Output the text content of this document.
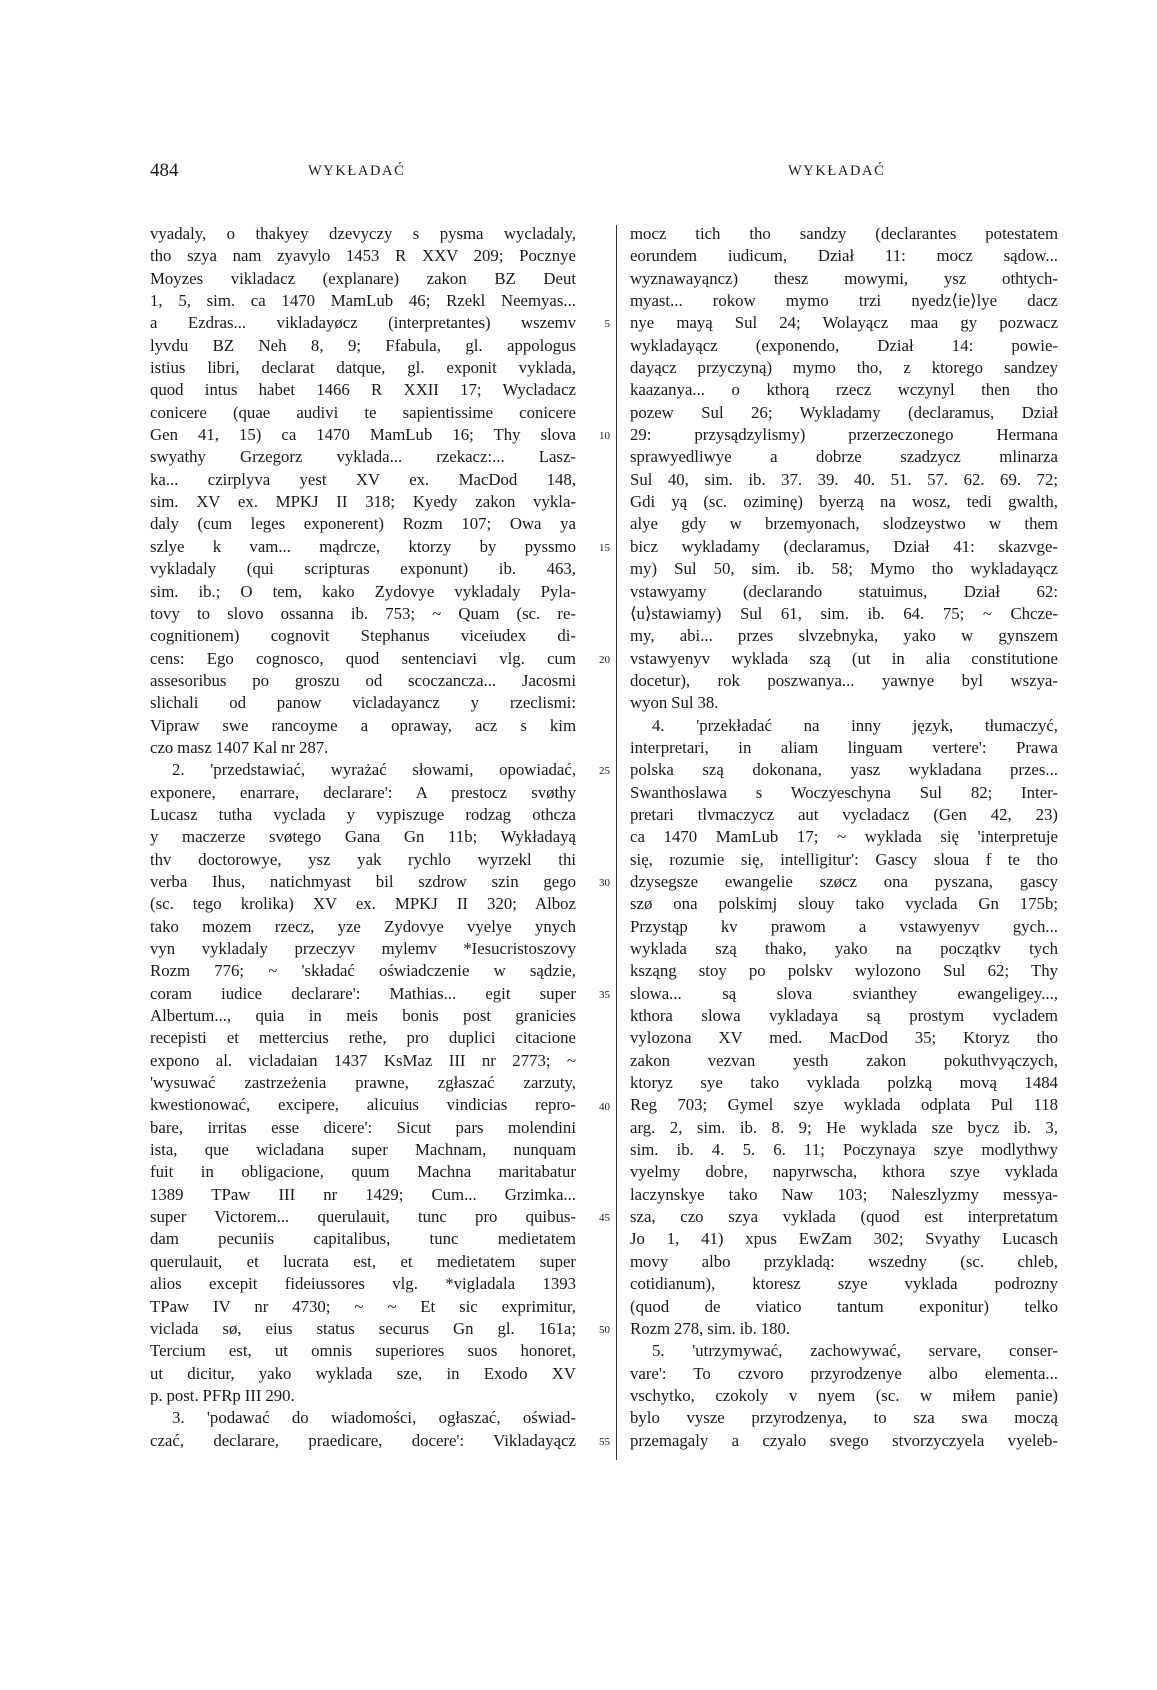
484	WYKŁADAĆ	WYKŁADAĆ
vyadaly, o thakyey dzevyczy s pysma wycladaly,
tho szya nam zyavylo 1453 R XXV 209; Pocznye
Moyzes vikladacz (explanare) zakon BZ Deut
1, 5, sim. ca 1470 MamLub 46; Rzekl Neemyas...
a Ezdras... vikladayøcz (interpretantes) wszemv
lyvdu BZ Neh 8, 9; Ffabula, gl. appologus
istius libri, declarat datque, gl. exponit vyklada,
quod intus habet 1466 R XXII 17; Wycladacz
conicere (quae audivi te sapientissime conicere
Gen 41, 15) ca 1470 MamLub 16; Thy slova
swyathy Grzegorz vyklada... rzekacz:... Lasz-
ka... czirplyva yest XV ex. MacDod 148,
sim. XV ex. MPKJ II 318; Kyedy zakon vykla-
daly (cum leges exponerent) Rozm 107; Owa ya
szlye k vam... mądrcze, ktorzy by pyssmo
vykladaly (qui scripturas exponunt) ib. 463,
sim. ib.; O tem, kako Zydovye vykladaly Pyla-
tovy to slovo ossanna ib. 753; ~ Quam (sc. re-
cognitionem) cognovit Stephanus viceiudex di-
cens: Ego cognosco, quod sentenciavi vlg. cum
assesoribus po groszu od scoczancza... Jacosmi
slichali od panow vicladayancz y rzeclismi:
Vipraw swe rancoyme a opraway, acz s kim
czo masz 1407 Kal nr 287.
2. 'przedstawiać, wyrażać słowami, opowiadać,
exponere, enarrare, declarare': A prestocz svøthy
Lucasz tutha vyclada y vypiszuge rodzag othcza
y maczerze svøtego Gana Gn 11b; Wykładayą
thv doctorowye, ysz yak rychlo wyrzekl thi
verba Ihus, natichmyast bil szdrow szin gego
(sc. tego krolika) XV ex. MPKJ II 320; Alboz
tako mozem rzecz, yze Zydovye vyelye ynych
vyn vykladaly przeczyv mylemv *Iesucristoszovy
Rozm 776; ~ 'składać oświadczenie w sądzie,
coram iudice declarare': Mathias... egit super
Albertum..., quia in meis bonis post granicies
recepisti et mettercius rethe, pro duplici citacione
expono al. vicladaian 1437 KsMaz III nr 2773; ~
'wysuwać zastrzeżenia prawne, zgłaszać zarzuty,
kwestionować, excipere, alicuius vindicias repro-
bare, irritas esse dicere': Sicut pars molendini
ista, que wicladana super Machnam, nunquam
fuit in obligacione, quum Machna maritabatur
1389 TPaw III nr 1429; Cum... Grzimka...
super Victorem... querulauit, tunc pro quibus-
dam pecuniis capitalibus, tunc medietatem
querulauit, et lucrata est, et medietatem super
alios excepit fideiussores vlg. *vigladala 1393
TPaw IV nr 4730; ~ ~ Et sic exprimitur,
viclada sø, eius status securus Gn gl. 161a;
Tercium est, ut omnis superiores suos honoret,
ut dicitur, yako wyklada sze, in Exodo XV
p. post. PFRp III 290.
3. 'podawać do wiadomości, ogłaszać, oświad-
czać, declarare, praedicare, docere': Vikladayącz
5
10
15
20
25
30
35
40
45
50
55
mocz tich tho sandzy (declarantes potestatem
eorundem iudicum, Dział 11: mocz sądow...
wyznawayąncz) thesz mowymi, ysz othtych-
myast... rokow mymo trzi nyedz⟨ie⟩lye dacz
nye mayą Sul 24; Wolayącz maa gy pozwacz
wykladayącz (exponendo, Dział 14: powie-
dayącz przyczyną) mymo tho, z ktorego sandzey
kaazanya... o kthorą rzecz wczynyl then tho
pozew Sul 26; Wykladamy (declaramus, Dział
29: przysądzylismy) przerzeczonego Hermana
sprawyedliwye a dobrze szadzycz mlinarza
Sul 40, sim. ib. 37. 39. 40. 51. 57. 62. 69. 72;
Gdi yą (sc. oziminę) byerzą na wosz, tedi gwalth,
alye gdy w brzemyonach, slodzeystwo w them
bicz wykladamy (declaramus, Dział 41: skazvge-
my) Sul 50, sim. ib. 58; Mymo tho wykladayącz
vstawyamy (declarando statuimus, Dział 62:
⟨u⟩stawiamy) Sul 61, sim. ib. 64. 75; ~ Chcze-
my, abi... przes slvzebnyka, yako w gynszem
vstawyenyv wyklada szą (ut in alia constitutione
docetur), rok poszwanya... yawnye byl wszya-
wyon Sul 38.
4. 'przekładać na inny język, tłumaczyć,
interpretari, in aliam linguam vertere': Prawa
polska szą dokonana, yasz wykladana przes...
Swanthoslawa s Woczyeschyna Sul 82; Inter-
pretari tlvmaczycz aut vycladacz (Gen 42, 23)
ca 1470 MamLub 17; ~ wyklada się 'interpretuje
się, rozumie się, intelligitur': Gascy sloua f te tho
dzysegsze ewangelie szøcz ona pyszana, gascy
szø ona polskimj slouy tako vyclada Gn 175b;
Przystąp kv prawom a vstawyenyv gych...
wyklada szą thako, yako na początkv tych
ksząng stoy po polskv wylozono Sul 62; Thy
slowa... są slova svianthey ewangeligey...,
kthora slowa vykladaya są prostym vycladem
vylozona XV med. MacDod 35; Ktoryz tho
zakon vezvan yesth zakon pokuthvyączych,
ktoryz sye tako vyklada polzką movą 1484
Reg 703; Gymel szye wyklada odplata Pul 118
arg. 2, sim. ib. 8. 9; He wyklada sze bycz ib. 3,
sim. ib. 4. 5. 6. 11; Poczynaya szye modlythwy
vyelmy dobre, napyrwscha, kthora szye vyklada
laczynskye tako Naw 103; Naleszlyzmy messya-
sza, czo szya vyklada (quod est interpretatum
Jo 1, 41) xpus EwZam 302; Svyathy Lucasch
movy albo przykladą: wszedny (sc. chleb,
cotidianum), ktoresz szye vyklada podrozny
(quod de viatico tantum exponitur) telko
Rozm 278, sim. ib. 180.
5. 'utrzymywać, zachowywać, servare, conser-
vare': To czvoro przyrodzenye albo elementa...
vschytko, czokoly v nyem (sc. w miłem panie)
bylo vysze przyrodzenya, to sza swa moczą
przemagaly a czyalo svego stvorzyczyela vyeleb-
